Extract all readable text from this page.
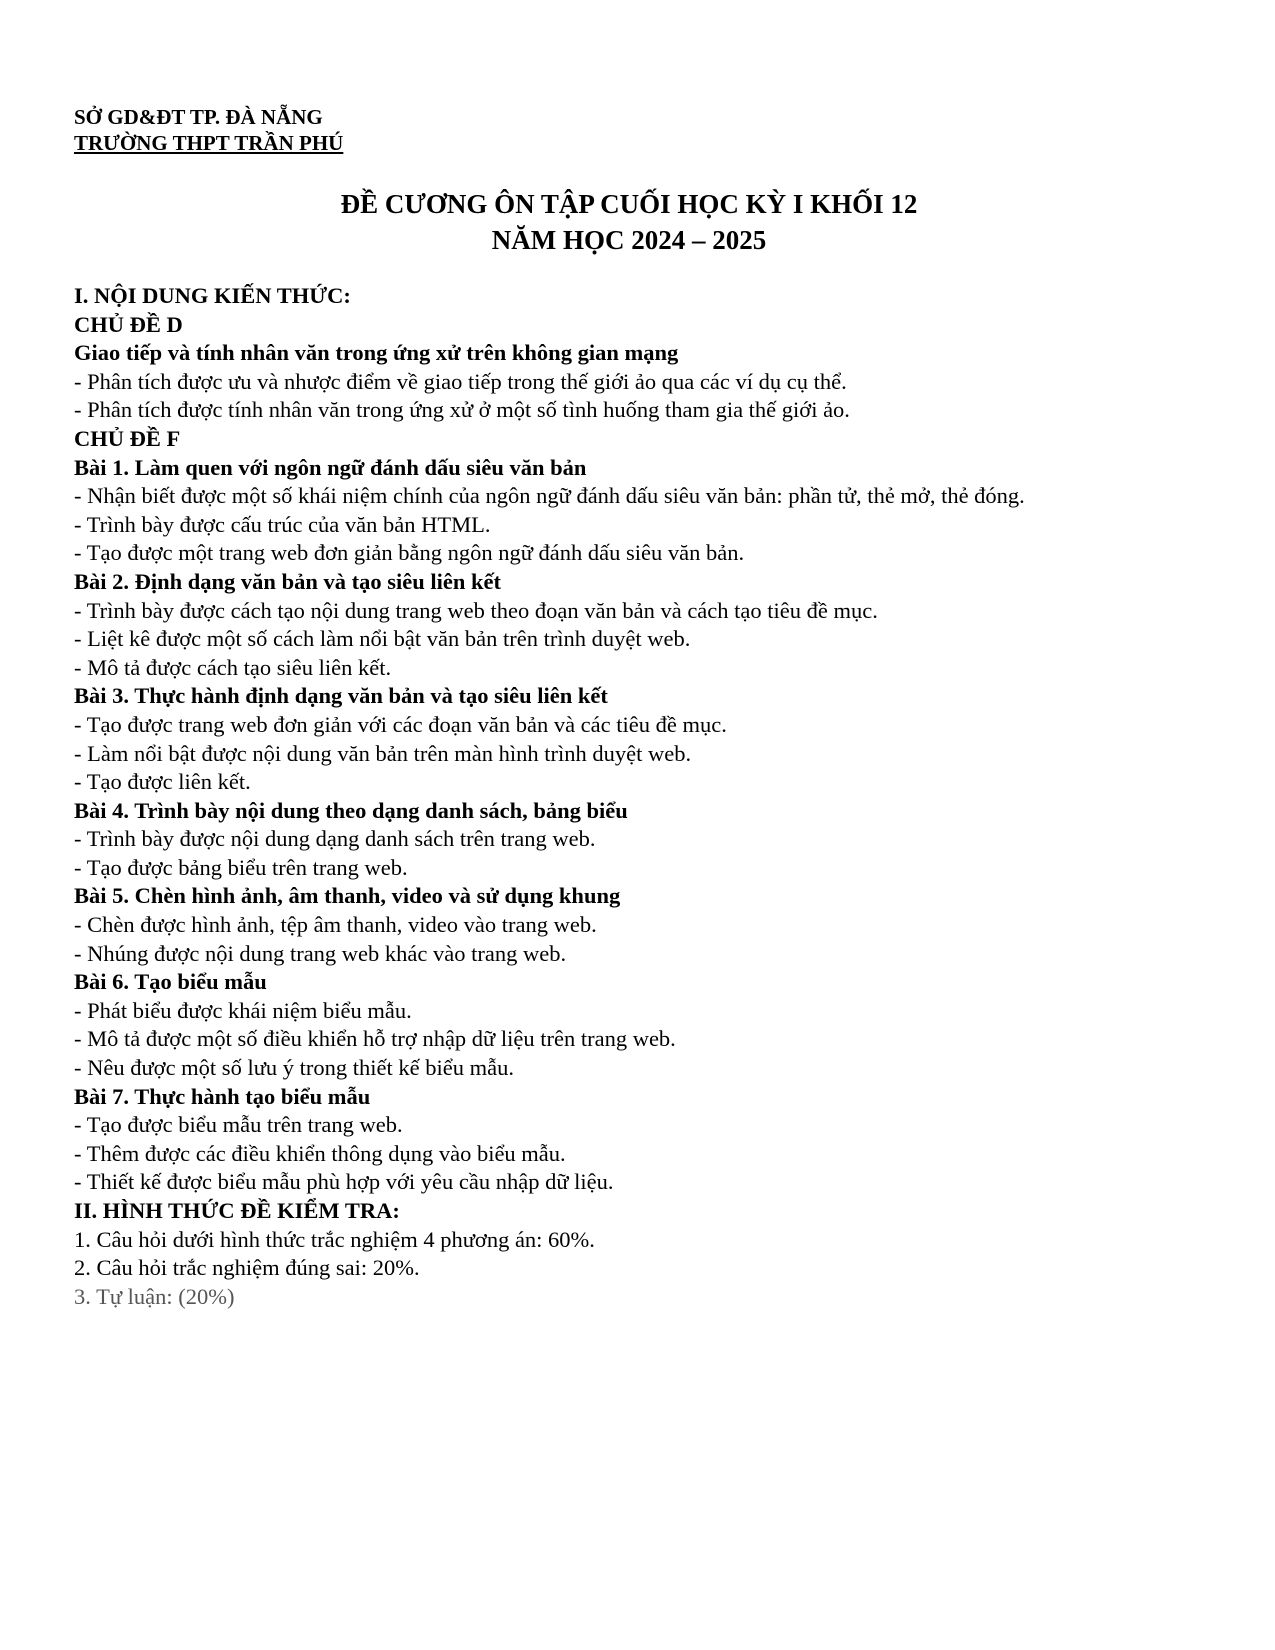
SỞ GD&ĐT TP. ĐÀ NẴNG
TRƯỜNG THPT TRẦN PHÚ
ĐỀ CƯƠNG ÔN TẬP CUỐI HỌC KỲ I KHỐI 12
NĂM HỌC 2024 – 2025
I. NỘI DUNG KIẾN THỨC:
CHỦ ĐỀ D
Giao tiếp và tính nhân văn trong ứng xử trên không gian mạng
- Phân tích được ưu và nhược điểm về giao tiếp trong thế giới ảo qua các ví dụ cụ thể.
- Phân tích được tính nhân văn trong ứng xử ở một số tình huống tham gia thế giới ảo.
CHỦ ĐỀ F
Bài 1. Làm quen với ngôn ngữ đánh dấu siêu văn bản
- Nhận biết được một số khái niệm chính của ngôn ngữ đánh dấu siêu văn bản: phần tử, thẻ mở, thẻ đóng.
- Trình bày được cấu trúc của văn bản HTML.
- Tạo được một trang web đơn giản bằng ngôn ngữ đánh dấu siêu văn bản.
Bài 2. Định dạng văn bản và tạo siêu liên kết
- Trình bày được cách tạo nội dung trang web theo đoạn văn bản và cách tạo tiêu đề mục.
- Liệt kê được một số cách làm nổi bật văn bản trên trình duyệt web.
- Mô tả được cách tạo siêu liên kết.
Bài 3. Thực hành định dạng văn bản và tạo siêu liên kết
- Tạo được trang web đơn giản với các đoạn văn bản và các tiêu đề mục.
- Làm nổi bật được nội dung văn bản trên màn hình trình duyệt web.
- Tạo được liên kết.
Bài 4. Trình bày nội dung theo dạng danh sách, bảng biểu
- Trình bày được nội dung dạng danh sách trên trang web.
- Tạo được bảng biểu trên trang web.
Bài 5. Chèn hình ảnh, âm thanh, video và sử dụng khung
- Chèn được hình ảnh, tệp âm thanh, video vào trang web.
- Nhúng được nội dung trang web khác vào trang web.
Bài 6. Tạo biểu mẫu
- Phát biểu được khái niệm biểu mẫu.
- Mô tả được một số điều khiển hỗ trợ nhập dữ liệu trên trang web.
- Nêu được một số lưu ý trong thiết kế biểu mẫu.
Bài 7. Thực hành tạo biểu mẫu
- Tạo được biểu mẫu trên trang web.
- Thêm được các điều khiển thông dụng vào biểu mẫu.
- Thiết kế được biểu mẫu phù hợp với yêu cầu nhập dữ liệu.
II. HÌNH THỨC ĐỀ KIỂM TRA:
1. Câu hỏi dưới hình thức trắc nghiệm 4 phương án: 60%.
2. Câu hỏi trắc nghiệm đúng sai: 20%.
3. Tự luận: (20%)
